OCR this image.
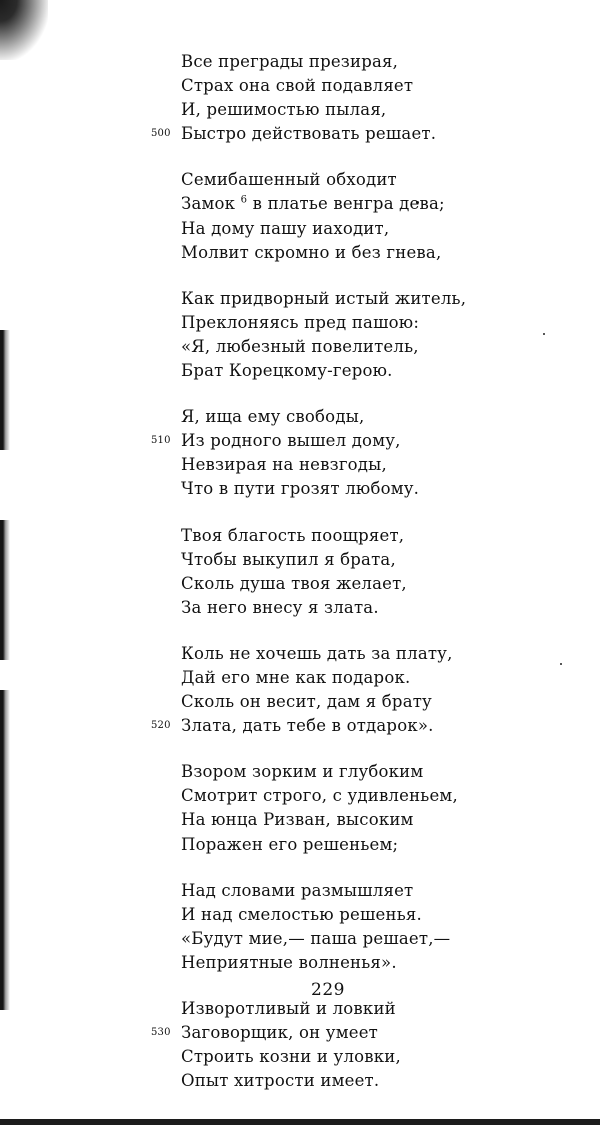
Все преграды презирая,
Страх она свой подавляет
И, решимостью пылая,
500 Быстро действовать решает.
Семибашенный обходит
Замок $^6$ в платье венгра дева;
На дому пашу иаходит,
Молвит скромно и без гнева,
Как придворный истый житель,
Преклоняясь пред пашою:
«Я, любезный повелитель,
Брат Корецкому-герою.
Я, ища ему свободы,
510 Из родного вышел дому,
Невзирая на невзгоды,
Что в пути грозят любому.
Твоя благость поощряет,
Чтобы выкупил я брата,
Сколь душа твоя желает,
За него внесу я злата.
Коль не хочешь дать за плату,
Дай его мне как подарок.
Сколь он весит, дам я брату
520 Злата, дать тебе в отдарок».
Взором зорким и глубоким
Смотрит строго, с удивленьем,
На юнца Ризван, высоким
Поражен его решеньем;
Над словами размышляет
И над смелостью решенья.
«Будут мие,— паша решает,—
Неприятные волненья».
Изворотливый и ловкий
530 Заговорщик, он умеет
Строить козни и уловки,
Опыт хитрости имеет.
229
